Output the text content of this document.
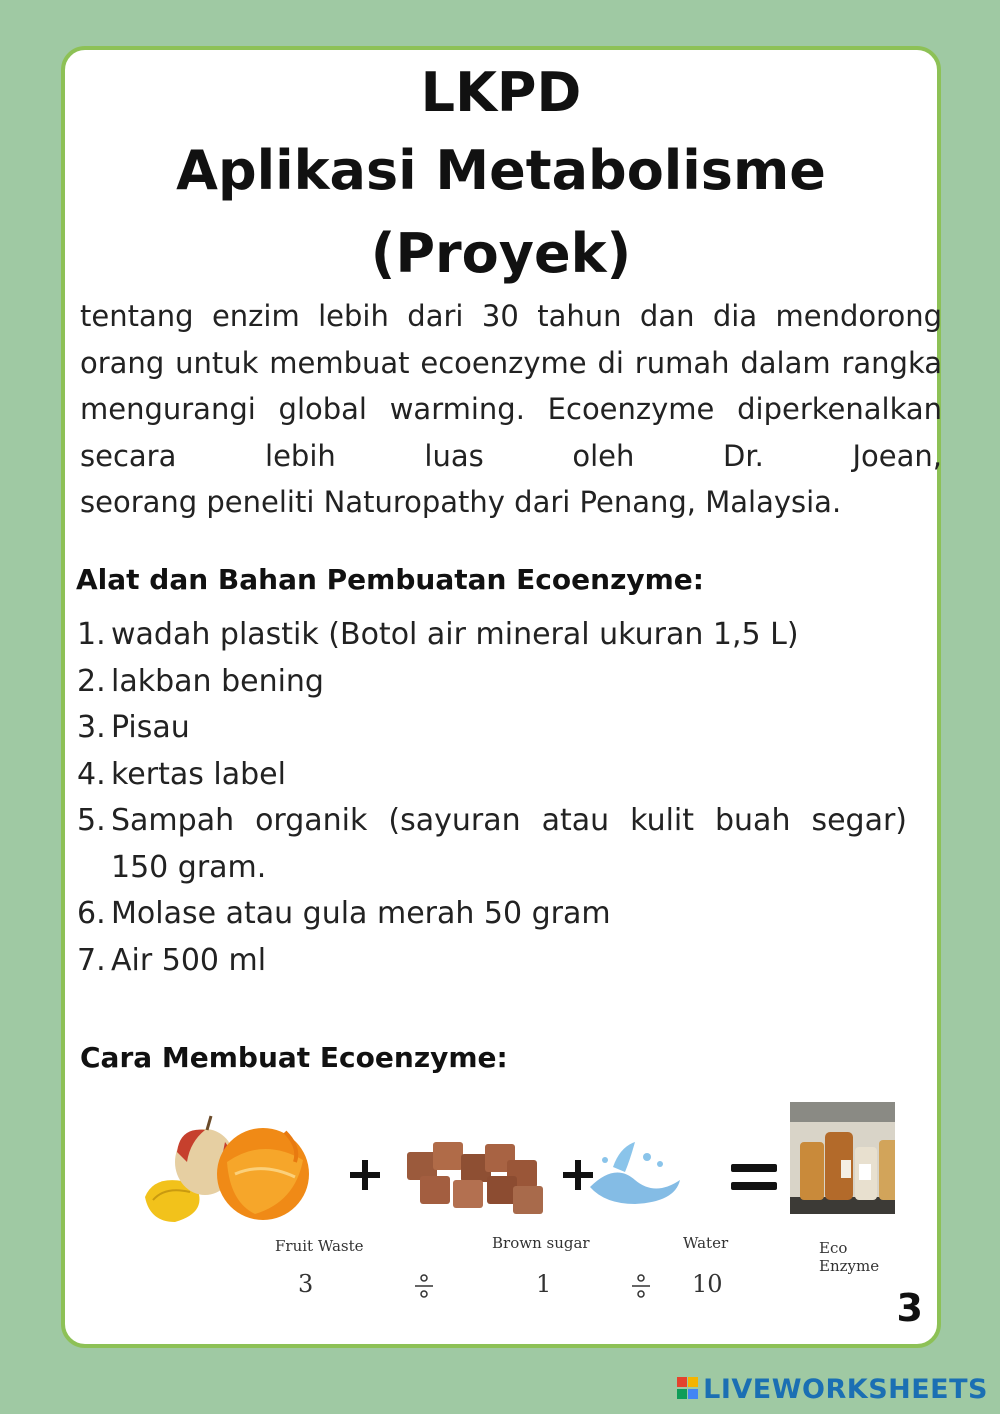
LKPD
Aplikasi Metabolisme
(Proyek)
tentang enzim lebih dari 30 tahun dan dia mendorong orang untuk membuat ecoenzyme di rumah dalam rangka mengurangi global warming. Ecoenzyme diperkenalkan secara lebih luas oleh Dr. Joean,
seorang peneliti Naturopathy dari Penang, Malaysia.
Alat dan Bahan Pembuatan Ecoenzyme:
1. wadah plastik (Botol air mineral ukuran 1,5 L)
2. lakban bening
3. Pisau
4. kertas label
5. Sampah organik (sayuran atau kulit buah segar)
150 gram.
6. Molase atau gula merah 50 gram
7. Air 500 ml
Cara Membuat Ecoenzyme:
Fruit Waste
3
Brown sugar
1
Water
10
Eco Enzyme
3
LIVEWORKSHEETS
